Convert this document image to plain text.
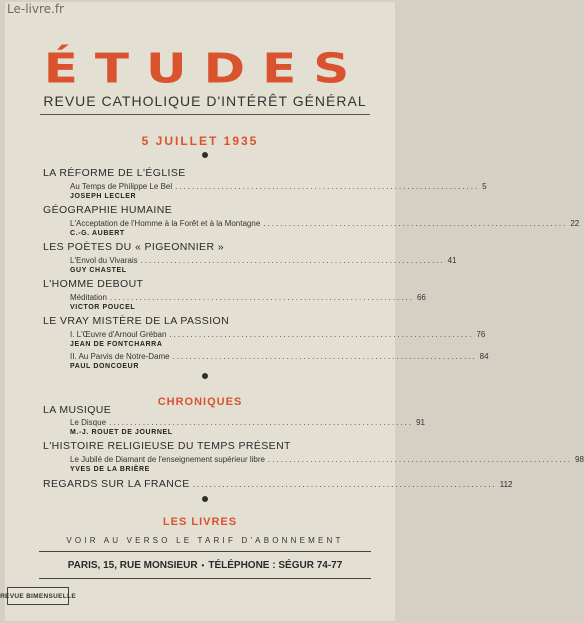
Le-livre.fr
ÉTUDES
REVUE CATHOLIQUE D'INTÉRÊT GÉNÉRAL
5 JUILLET 1935
LA RÉFORME DE L'ÉGLISE
Au Temps de Philippe Le Bel ........................................................................ 5
JOSEPH LECLER
GÉOGRAPHIE HUMAINE
L'Acceptation de l'Homme à la Forêt et à la Montagne ........................................................................ 22
C.-G. AUBERT
LES POÈTES DU « PIGEONNIER »
L'Envol du Vivarais ........................................................................ 41
GUY CHASTEL
L'HOMME DEBOUT
Méditation ........................................................................ 66
VICTOR POUCEL
LE VRAY MISTÈRE DE LA PASSION
I. L'Œuvre d'Arnoul Gréban ........................................................................ 76
JEAN DE FONTCHARRA
II. Au Parvis de Notre-Dame ........................................................................ 84
PAUL DONCOEUR
CHRONIQUES
LA MUSIQUE
Le Disque ........................................................................ 91
M.-J. ROUET DE JOURNEL
L'HISTOIRE RELIGIEUSE DU TEMPS PRÉSENT
Le Jubilé de Diamant de l'enseignement supérieur libre ........................................................................ 98
YVES DE LA BRIÈRE
REGARDS SUR LA FRANCE ........................................................................ 112
LES LIVRES
VOIR AU VERSO LE TARIF D'ABONNEMENT
PARIS, 15, RUE MONSIEUR • TÉLÉPHONE : SÉGUR 74-77
REVUE BIMENSUELLE
